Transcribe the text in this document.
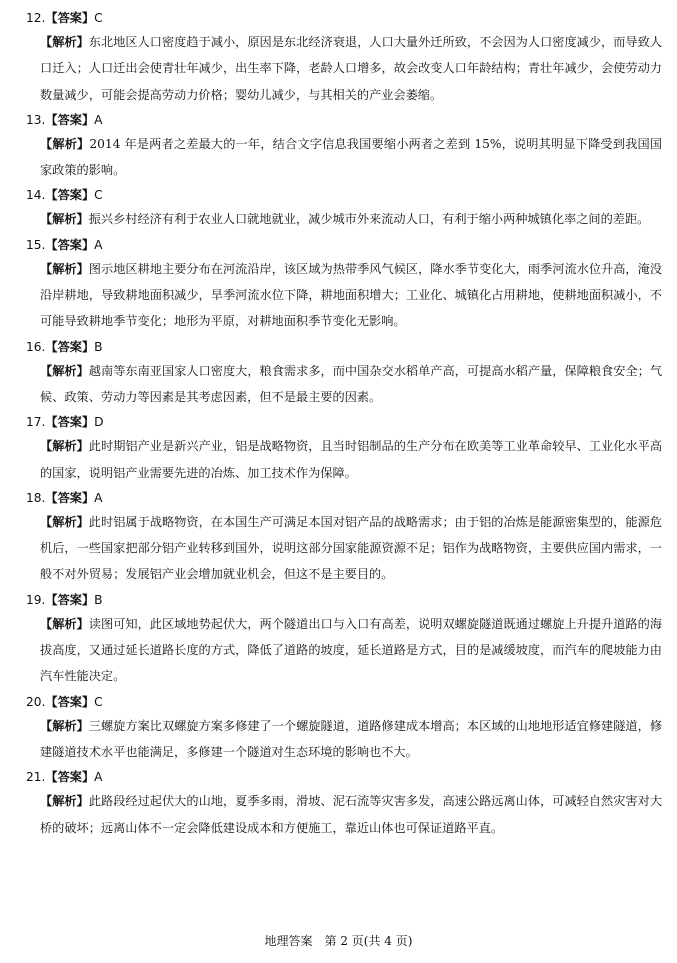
12.【答案】C
【解析】东北地区人口密度趋于减小，原因是东北经济衰退，人口大量外迁所致，不会因为人口密度减少，而导致人口迁入；人口迁出会使青壮年减少，出生率下降，老龄人口增多，故会改变人口年龄结构；青壮年减少，会使劳动力数量减少，可能会提高劳动力价格；婴幼儿减少，与其相关的产业会萎缩。
13.【答案】A
【解析】2014 年是两者之差最大的一年，结合文字信息我国要缩小两者之差到 15%，说明其明显下降受到我国国家政策的影响。
14.【答案】C
【解析】振兴乡村经济有利于农业人口就地就业，减少城市外来流动人口，有利于缩小两种城镇化率之间的差距。
15.【答案】A
【解析】图示地区耕地主要分布在河流沿岸，该区域为热带季风气候区，降水季节变化大，雨季河流水位升高，淹没沿岸耕地，导致耕地面积减少，旱季河流水位下降，耕地面积增大；工业化、城镇化占用耕地，使耕地面积减小，不可能导致耕地季节变化；地形为平原，对耕地面积季节变化无影响。
16.【答案】B
【解析】越南等东南亚国家人口密度大，粮食需求多，而中国杂交水稻单产高，可提高水稻产量，保障粮食安全；气候、政策、劳动力等因素是其考虑因素，但不是最主要的因素。
17.【答案】D
【解析】此时期铝产业是新兴产业，铝是战略物资，且当时铝制品的生产分布在欧美等工业革命较早、工业化水平高的国家，说明铝产业需要先进的冶炼、加工技术作为保障。
18.【答案】A
【解析】此时铝属于战略物资，在本国生产可满足本国对铝产品的战略需求；由于铝的冶炼是能源密集型的，能源危机后，一些国家把部分铝产业转移到国外，说明这部分国家能源资源不足；铝作为战略物资，主要供应国内需求，一般不对外贸易；发展铝产业会增加就业机会，但这不是主要目的。
19.【答案】B
【解析】读图可知，此区域地势起伏大，两个隧道出口与入口有高差，说明双螺旋隧道既通过螺旋上升提升道路的海拔高度，又通过延长道路长度的方式，降低了道路的坡度，延长道路是方式，目的是减缓坡度，而汽车的爬坡能力由汽车性能决定。
20.【答案】C
【解析】三螺旋方案比双螺旋方案多修建了一个螺旋隧道，道路修建成本增高；本区域的山地地形适宜修建隧道，修建隧道技术水平也能满足，多修建一个隧道对生态环境的影响也不大。
21.【答案】A
【解析】此路段经过起伏大的山地，夏季多雨，滑坡、泥石流等灾害多发，高速公路远离山体，可减轻自然灾害对大桥的破坏；远离山体不一定会降低建设成本和方便施工，靠近山体也可保证道路平直。
地理答案　第 2 页(共 4 页)
